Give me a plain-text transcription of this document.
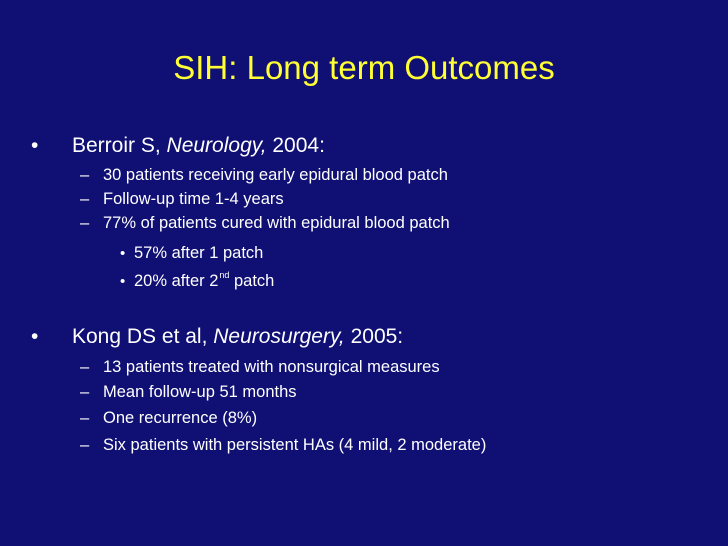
SIH: Long term Outcomes
• Berroir S, Neurology, 2004:
– 30 patients receiving early epidural blood patch
– Follow-up time 1-4 years
– 77% of patients cured with epidural blood patch
• 57% after 1 patch
• 20% after 2nd patch
• Kong DS et al, Neurosurgery, 2005:
– 13 patients treated with nonsurgical measures
– Mean follow-up 51 months
– One recurrence (8%)
– Six patients with persistent HAs (4 mild, 2 moderate)
